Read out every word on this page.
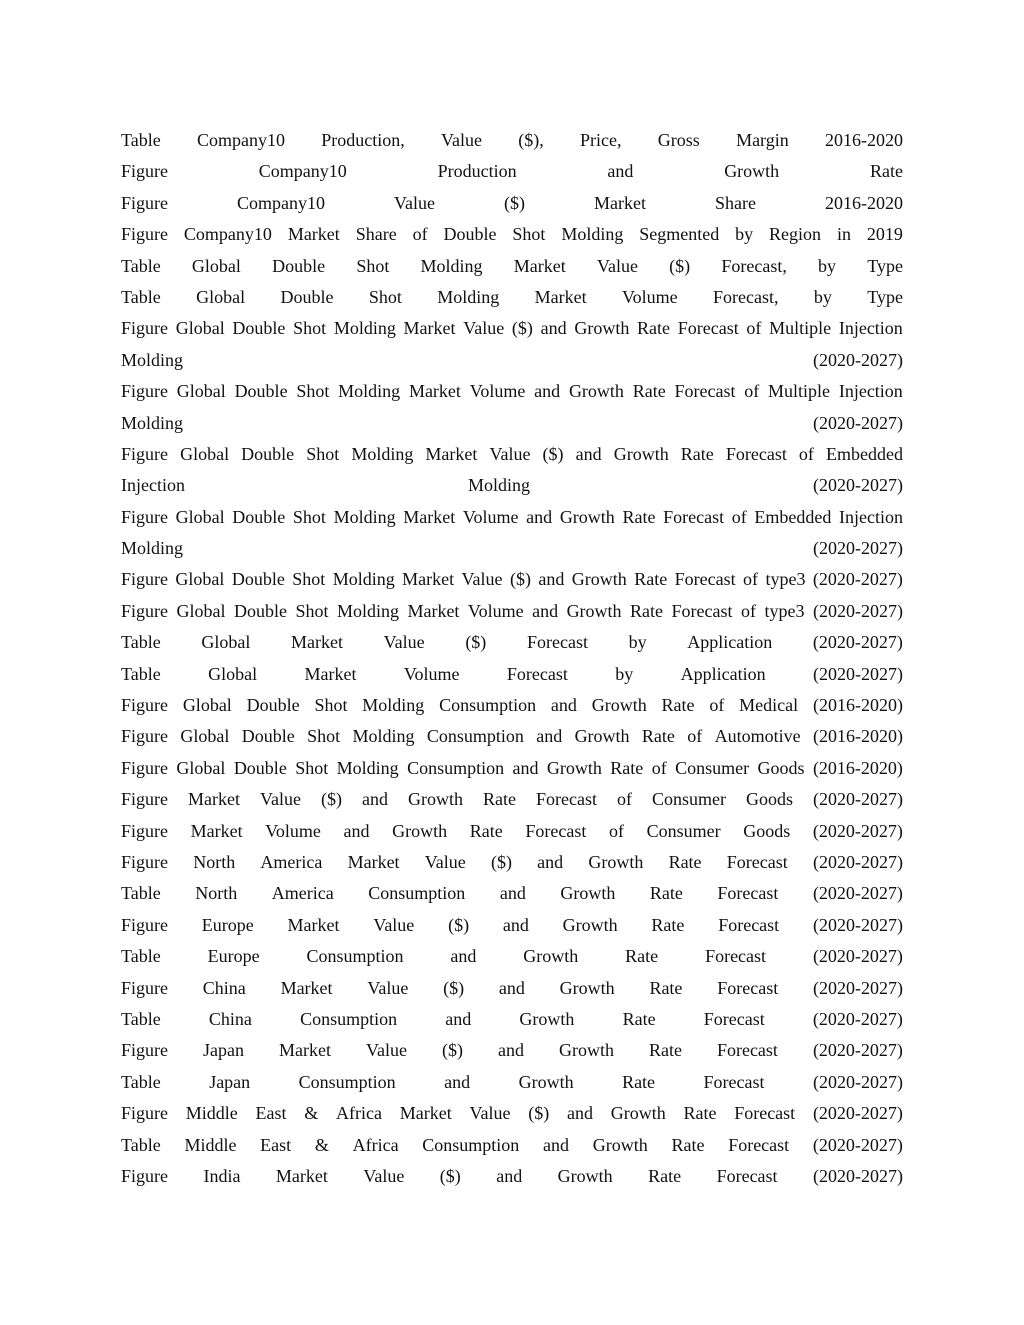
Table Company10 Production, Value ($), Price, Gross Margin 2016-2020
Figure	Company10	Production	and	Growth	Rate
Figure	Company10	Value	($)	Market	Share	2016-2020
Figure Company10 Market Share of Double Shot Molding Segmented by Region in 2019
Table Global Double Shot Molding Market Value ($) Forecast, by Type
Table Global Double Shot Molding Market Volume Forecast, by Type
Figure Global Double Shot Molding Market Value ($) and Growth Rate Forecast of Multiple Injection
Molding	(2020-2027)
Figure Global Double Shot Molding Market Volume and Growth Rate Forecast of Multiple Injection
Molding	(2020-2027)
Figure Global Double Shot Molding Market Value ($) and Growth Rate Forecast of Embedded
Injection	Molding	(2020-2027)
Figure Global Double Shot Molding Market Volume and Growth Rate Forecast of Embedded Injection
Molding	(2020-2027)
Figure Global Double Shot Molding Market Value ($) and Growth Rate Forecast of type3 (2020-2027)
Figure Global Double Shot Molding Market Volume and Growth Rate Forecast of type3 (2020-2027)
Table Global Market Value ($) Forecast by Application (2020-2027)
Table	Global	Market	Volume	Forecast	by	Application	(2020-2027)
Figure Global Double Shot Molding Consumption and Growth Rate of Medical (2016-2020)
Figure Global Double Shot Molding Consumption and Growth Rate of Automotive (2016-2020)
Figure Global Double Shot Molding Consumption and Growth Rate of Consumer Goods (2016-2020)
Figure Market Value ($) and Growth Rate Forecast of Consumer Goods (2020-2027)
Figure Market Volume and Growth Rate Forecast of Consumer Goods (2020-2027)
Figure North America Market Value ($) and Growth Rate Forecast (2020-2027)
Table North America Consumption and Growth Rate Forecast (2020-2027)
Figure Europe Market Value ($) and Growth Rate Forecast (2020-2027)
Table	Europe	Consumption	and	Growth	Rate	Forecast	(2020-2027)
Figure China Market Value ($) and Growth Rate Forecast (2020-2027)
Table	China	Consumption	and	Growth	Rate	Forecast	(2020-2027)
Figure Japan Market Value ($) and Growth Rate Forecast (2020-2027)
Table	Japan	Consumption	and	Growth	Rate	Forecast	(2020-2027)
Figure Middle East & Africa Market Value ($) and Growth Rate Forecast (2020-2027)
Table Middle East & Africa Consumption and Growth Rate Forecast (2020-2027)
Figure India Market Value ($) and Growth Rate Forecast (2020-2027)
